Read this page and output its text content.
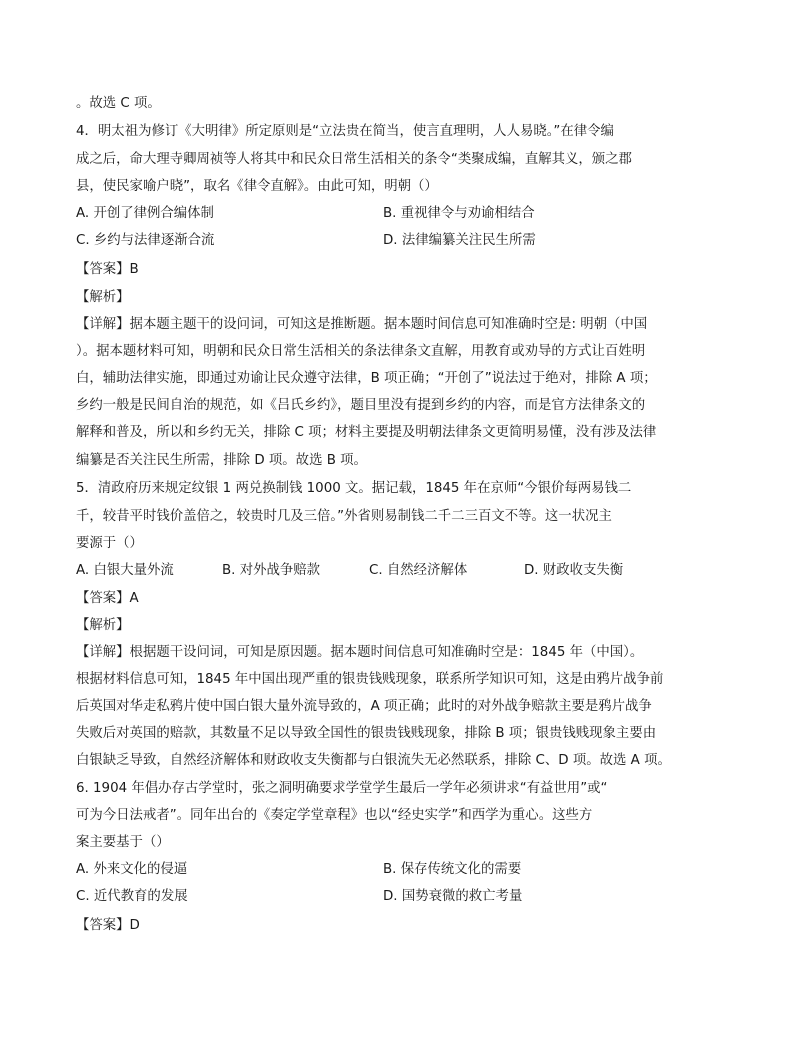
。故选 C 项。
4．明太祖为修订《大明律》所定原则是“立法贵在简当，使言直理明，人人易晓。”在律令编
成之后，命大理寺卿周祯等人将其中和民众日常生活相关的条令“类聚成编，直解其义，颁之郡
县，使民家喻户晓”，取名《律令直解》。由此可知，明朝（）
A. 开创了律例合编体制	B. 重视律令与劝谕相结合
C. 乡约与法律逐渐合流	D. 法律编纂关注民生所需
【答案】B
【解析】
【详解】据本题主题干的设问词，可知这是推断题。据本题时间信息可知准确时空是: 明朝（中国
）。据本题材料可知，明朝和民众日常生活相关的条法律条文直解，用教育或劝导的方式让百姓明
白，辅助法律实施，即通过劝谕让民众遵守法律，B 项正确；“开创了”说法过于绝对，排除 A 项；
乡约一般是民间自治的规范，如《吕氏乡约》，题目里没有提到乡约的内容，而是官方法律条文的
解释和普及，所以和乡约无关，排除 C 项；材料主要提及明朝法律条文更简明易懂，没有涉及法律
编纂是否关注民生所需，排除 D 项。故选 B 项。
5．清政府历来规定纹银 1 两兑换制钱 1000 文。据记载，1845 年在京师“今银价每两易钱二
千，较昔平时钱价盖倍之，较贵时几及三倍。”外省则易制钱二千二三百文不等。这一状况主
要源于（）
A. 白银大量外流	B. 对外战争赔款	C. 自然经济解体	D. 财政收支失衡
【答案】A
【解析】
【详解】根据题干设问词，可知是原因题。据本题时间信息可知准确时空是：1845 年（中国）。
根据材料信息可知，1845 年中国出现严重的银贵钱贱现象，联系所学知识可知，这是由鸦片战争前
后英国对华走私鸦片使中国白银大量外流导致的，A 项正确；此时的对外战争赔款主要是鸦片战争
失败后对英国的赔款，其数量不足以导致全国性的银贵钱贱现象，排除 B 项；银贵钱贱现象主要由
白银缺乏导致，自然经济解体和财政收支失衡都与白银流失无必然联系，排除 C、D 项。故选 A 项。
6. 1904 年倡办存古学堂时，张之洞明确要求学堂学生最后一学年必须讲求“有益世用”或“
可为今日法戒者”。同年出台的《奏定学堂章程》也以“经史实学”和西学为重心。这些方
案主要基于（）
A. 外来文化的侵逼	B. 保存传统文化的需要
C. 近代教育的发展	D. 国势衰微的救亡考量
【答案】D
